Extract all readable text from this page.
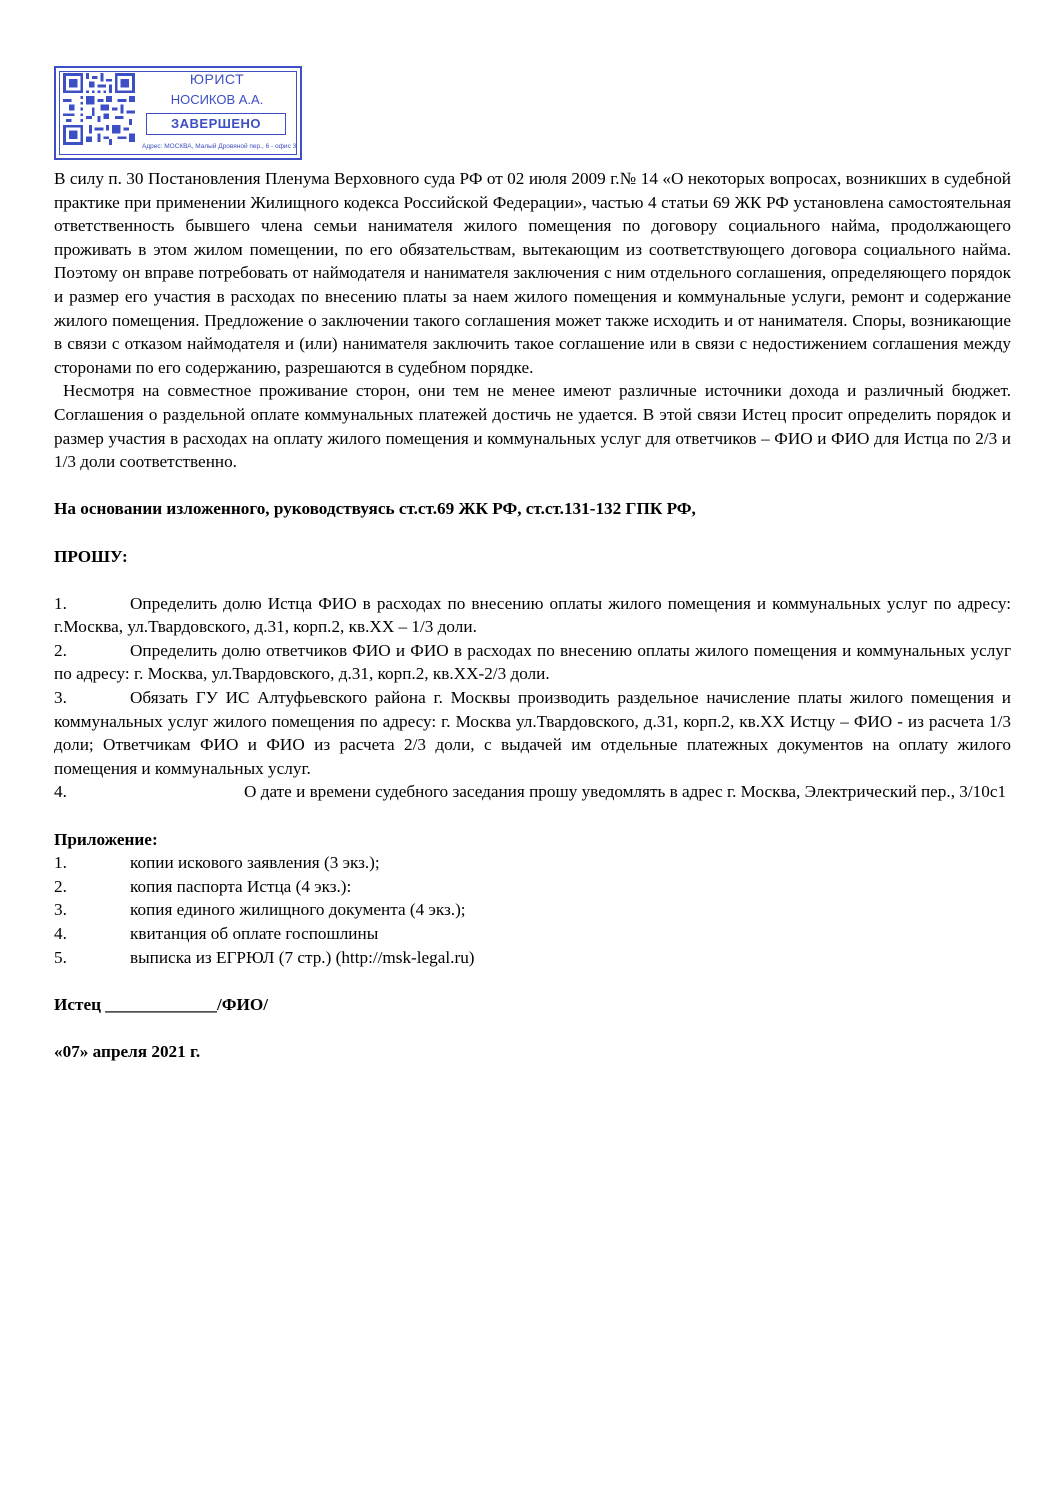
ЮРИСТ
НОСИКОВ А.А.
ЗАВЕРШЕНО
Адрес: МОСКВА, Малый Дровяной пер., 6 - офис 3

В силу п. 30 Постановления Пленума Верховного суда РФ от 02 июля 2009 г.№ 14 «О некоторых вопросах, возникших в судебной практике при применении Жилищного кодекса Российской Федерации», частью 4 статьи 69 ЖК РФ установлена самостоятельная ответственность бывшего члена семьи нанимателя жилого помещения по договору социального найма, продолжающего проживать в этом жилом помещении, по его обязательствам, вытекающим из соответствующего договора социального найма. Поэтому он вправе потребовать от наймодателя и нанимателя заключения с ним отдельного соглашения, определяющего порядок и размер его участия в расходах по внесению платы за наем жилого помещения и коммунальные услуги, ремонт и содержание жилого помещения. Предложение о заключении такого соглашения может также исходить и от нанимателя. Споры, возникающие в связи с отказом наймодателя и (или) нанимателя заключить такое соглашение или в связи с недостижением соглашения между сторонами по его содержанию, разрешаются в судебном порядке.

Несмотря на совместное проживание сторон, они тем не менее имеют различные источники дохода и различный бюджет. Соглашения о раздельной оплате коммунальных платежей достичь не удается. В этой связи Истец просит определить порядок и размер участия в расходах на оплату жилого помещения и коммунальных услуг для ответчиков – ФИО и ФИО для Истца по 2/3 и 1/3 доли соответственно.

На основании изложенного, руководствуясь ст.ст.69 ЖК РФ, ст.ст.131-132 ГПК РФ,

ПРОШУ:

1.	Определить долю Истца ФИО в расходах по внесению оплаты жилого помещения и коммунальных услуг по адресу: г.Москва, ул.Твардовского, д.31, корп.2, кв.XX – 1/3 доли.
2.	Определить долю ответчиков ФИО и ФИО в расходах по внесению оплаты жилого помещения и коммунальных услуг по адресу: г. Москва, ул.Твардовского, д.31, корп.2, кв.XX-2/3 доли.
3.	Обязать ГУ ИС Алтуфьевского района г. Москвы производить раздельное начисление платы жилого помещения и коммунальных услуг жилого помещения по адресу: г. Москва ул.Твардовского, д.31, корп.2, кв.XX Истцу – ФИО - из расчета 1/3 доли; Ответчикам ФИО и ФИО из расчета 2/3 доли, с выдачей им отдельные платежных документов на оплату жилого помещения и коммунальных услуг.
4.	О дате и времени судебного заседания прошу уведомлять в адрес г. Москва, Электрический пер., 3/10с1

Приложение:

1.	копии искового заявления (3 экз.);
2.	копия паспорта Истца (4 экз.):
3.	копия единого жилищного документа (4 экз.);
4.	квитанция об оплате госпошлины
5.	выписка из ЕГРЮЛ (7 стр.) (http://msk-legal.ru)

Истец _____________/ФИО/

«07» апреля 2021 г.
